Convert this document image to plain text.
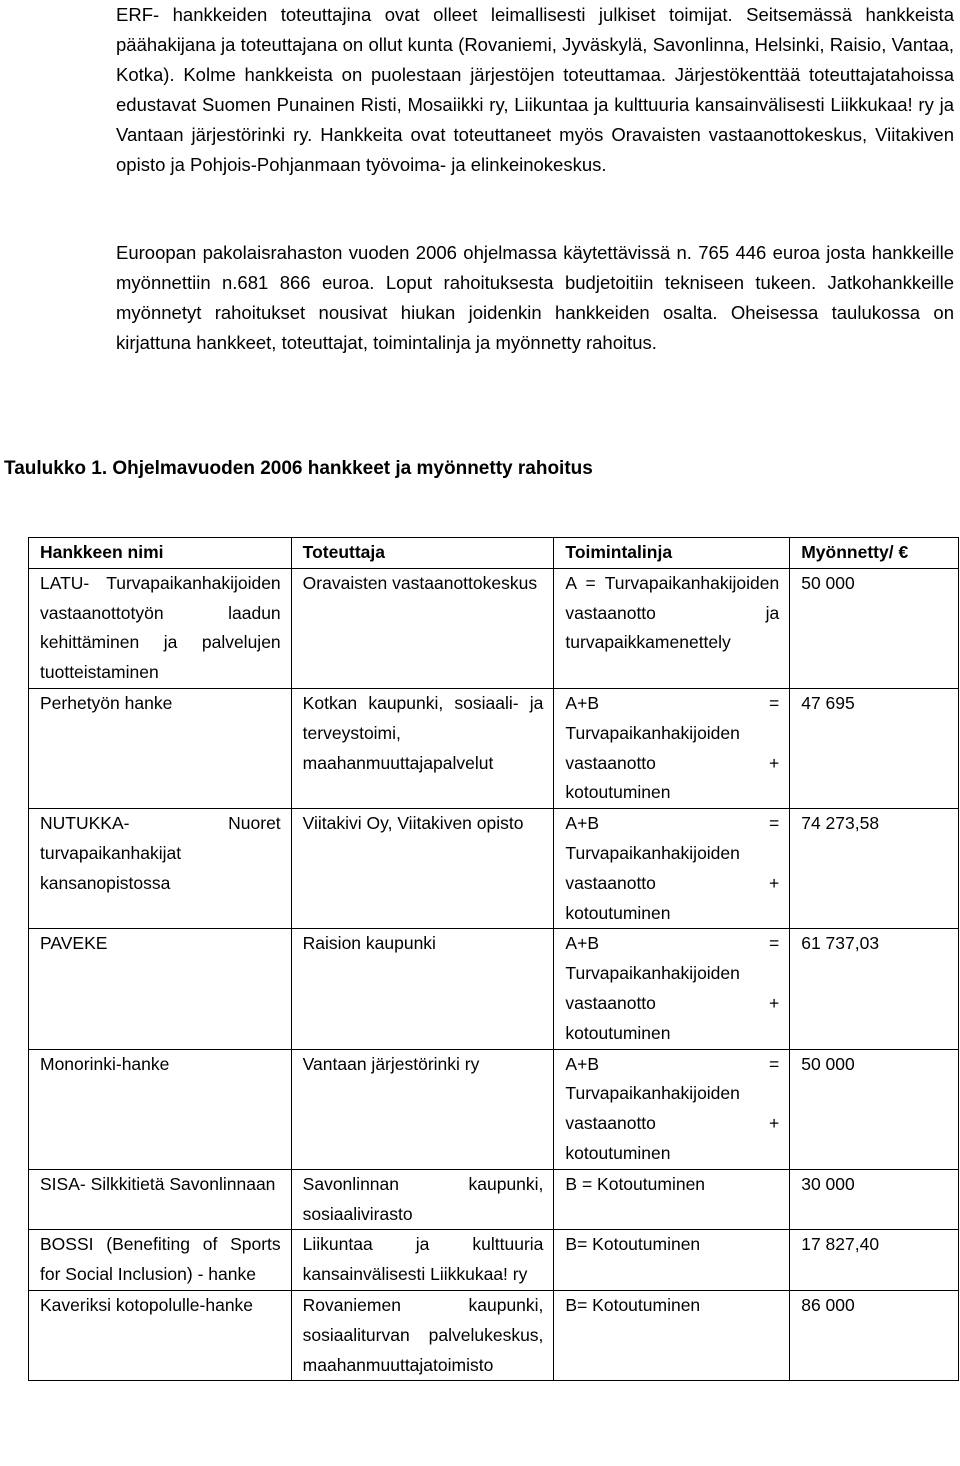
ERF- hankkeiden toteuttajina ovat olleet leimallisesti julkiset toimijat. Seitsemässä hankkeista päähakijana ja toteuttajana on ollut kunta (Rovaniemi, Jyväskylä, Savonlinna, Helsinki, Raisio, Vantaa, Kotka). Kolme hankkeista on puolestaan järjestöjen toteuttamaa. Järjestökenttää toteuttajatahoissa edustavat Suomen Punainen Risti, Mosaiikki ry, Liikuntaa ja kulttuuria kansainvälisesti Liikkukaa! ry ja Vantaan järjestörinki ry. Hankkeita ovat toteuttaneet myös Oravaisten vastaanottokeskus, Viitakiven opisto ja Pohjois-Pohjanmaan työvoima- ja elinkeinokeskus.

Euroopan pakolaisrahaston vuoden 2006 ohjelmassa käytettävissä n. 765 446 euroa josta hankkeille myönnettiin n.681 866 euroa. Loput rahoituksesta budjetoitiin tekniseen tukeen. Jatkohankkeille myönnetyt rahoitukset nousivat hiukan joidenkin hankkeiden osalta. Oheisessa taulukossa on kirjattuna hankkeet, toteuttajat, toimintalinja ja myönnetty rahoitus.

Taulukko 1. Ohjelmavuoden 2006 hankkeet ja myönnetty rahoitus

Hankkeen nimi	Toteuttaja	Toimintalinja	Myönnetty/ €
LATU- Turvapaikanhakijoiden vastaanottotyön laadun kehittäminen ja palvelujen tuotteistaminen	Oravaisten vastaanottokeskus	A = Turvapaikanhakijoiden vastaanotto ja turvapaikkamenettely	50 000
Perhetyön hanke	Kotkan kaupunki, sosiaali- ja terveystoimi, maahanmuuttajapalvelut	A+B = Turvapaikanhakijoiden vastaanotto + kotoutuminen	47 695
NUTUKKA- Nuoret turvapaikanhakijat kansanopistossa	Viitakivi Oy, Viitakiven opisto	A+B = Turvapaikanhakijoiden vastaanotto + kotoutuminen	74 273,58
PAVEKE	Raision kaupunki	A+B = Turvapaikanhakijoiden vastaanotto + kotoutuminen	61 737,03
Monorinki-hanke	Vantaan järjestörinki ry	A+B = Turvapaikanhakijoiden vastaanotto + kotoutuminen	50 000
SISA- Silkkitietä Savonlinnaan	Savonlinnan kaupunki, sosiaalivirasto	B = Kotoutuminen	30 000
BOSSI (Benefiting of Sports for Social Inclusion) - hanke	Liikuntaa ja kulttuuria kansainvälisesti Liikkukaa! ry	B= Kotoutuminen	17 827,40
Kaveriksi kotopolulle-hanke	Rovaniemen kaupunki, sosiaaliturvan palvelukeskus, maahanmuuttajatoimisto	B= Kotoutuminen	86 000
